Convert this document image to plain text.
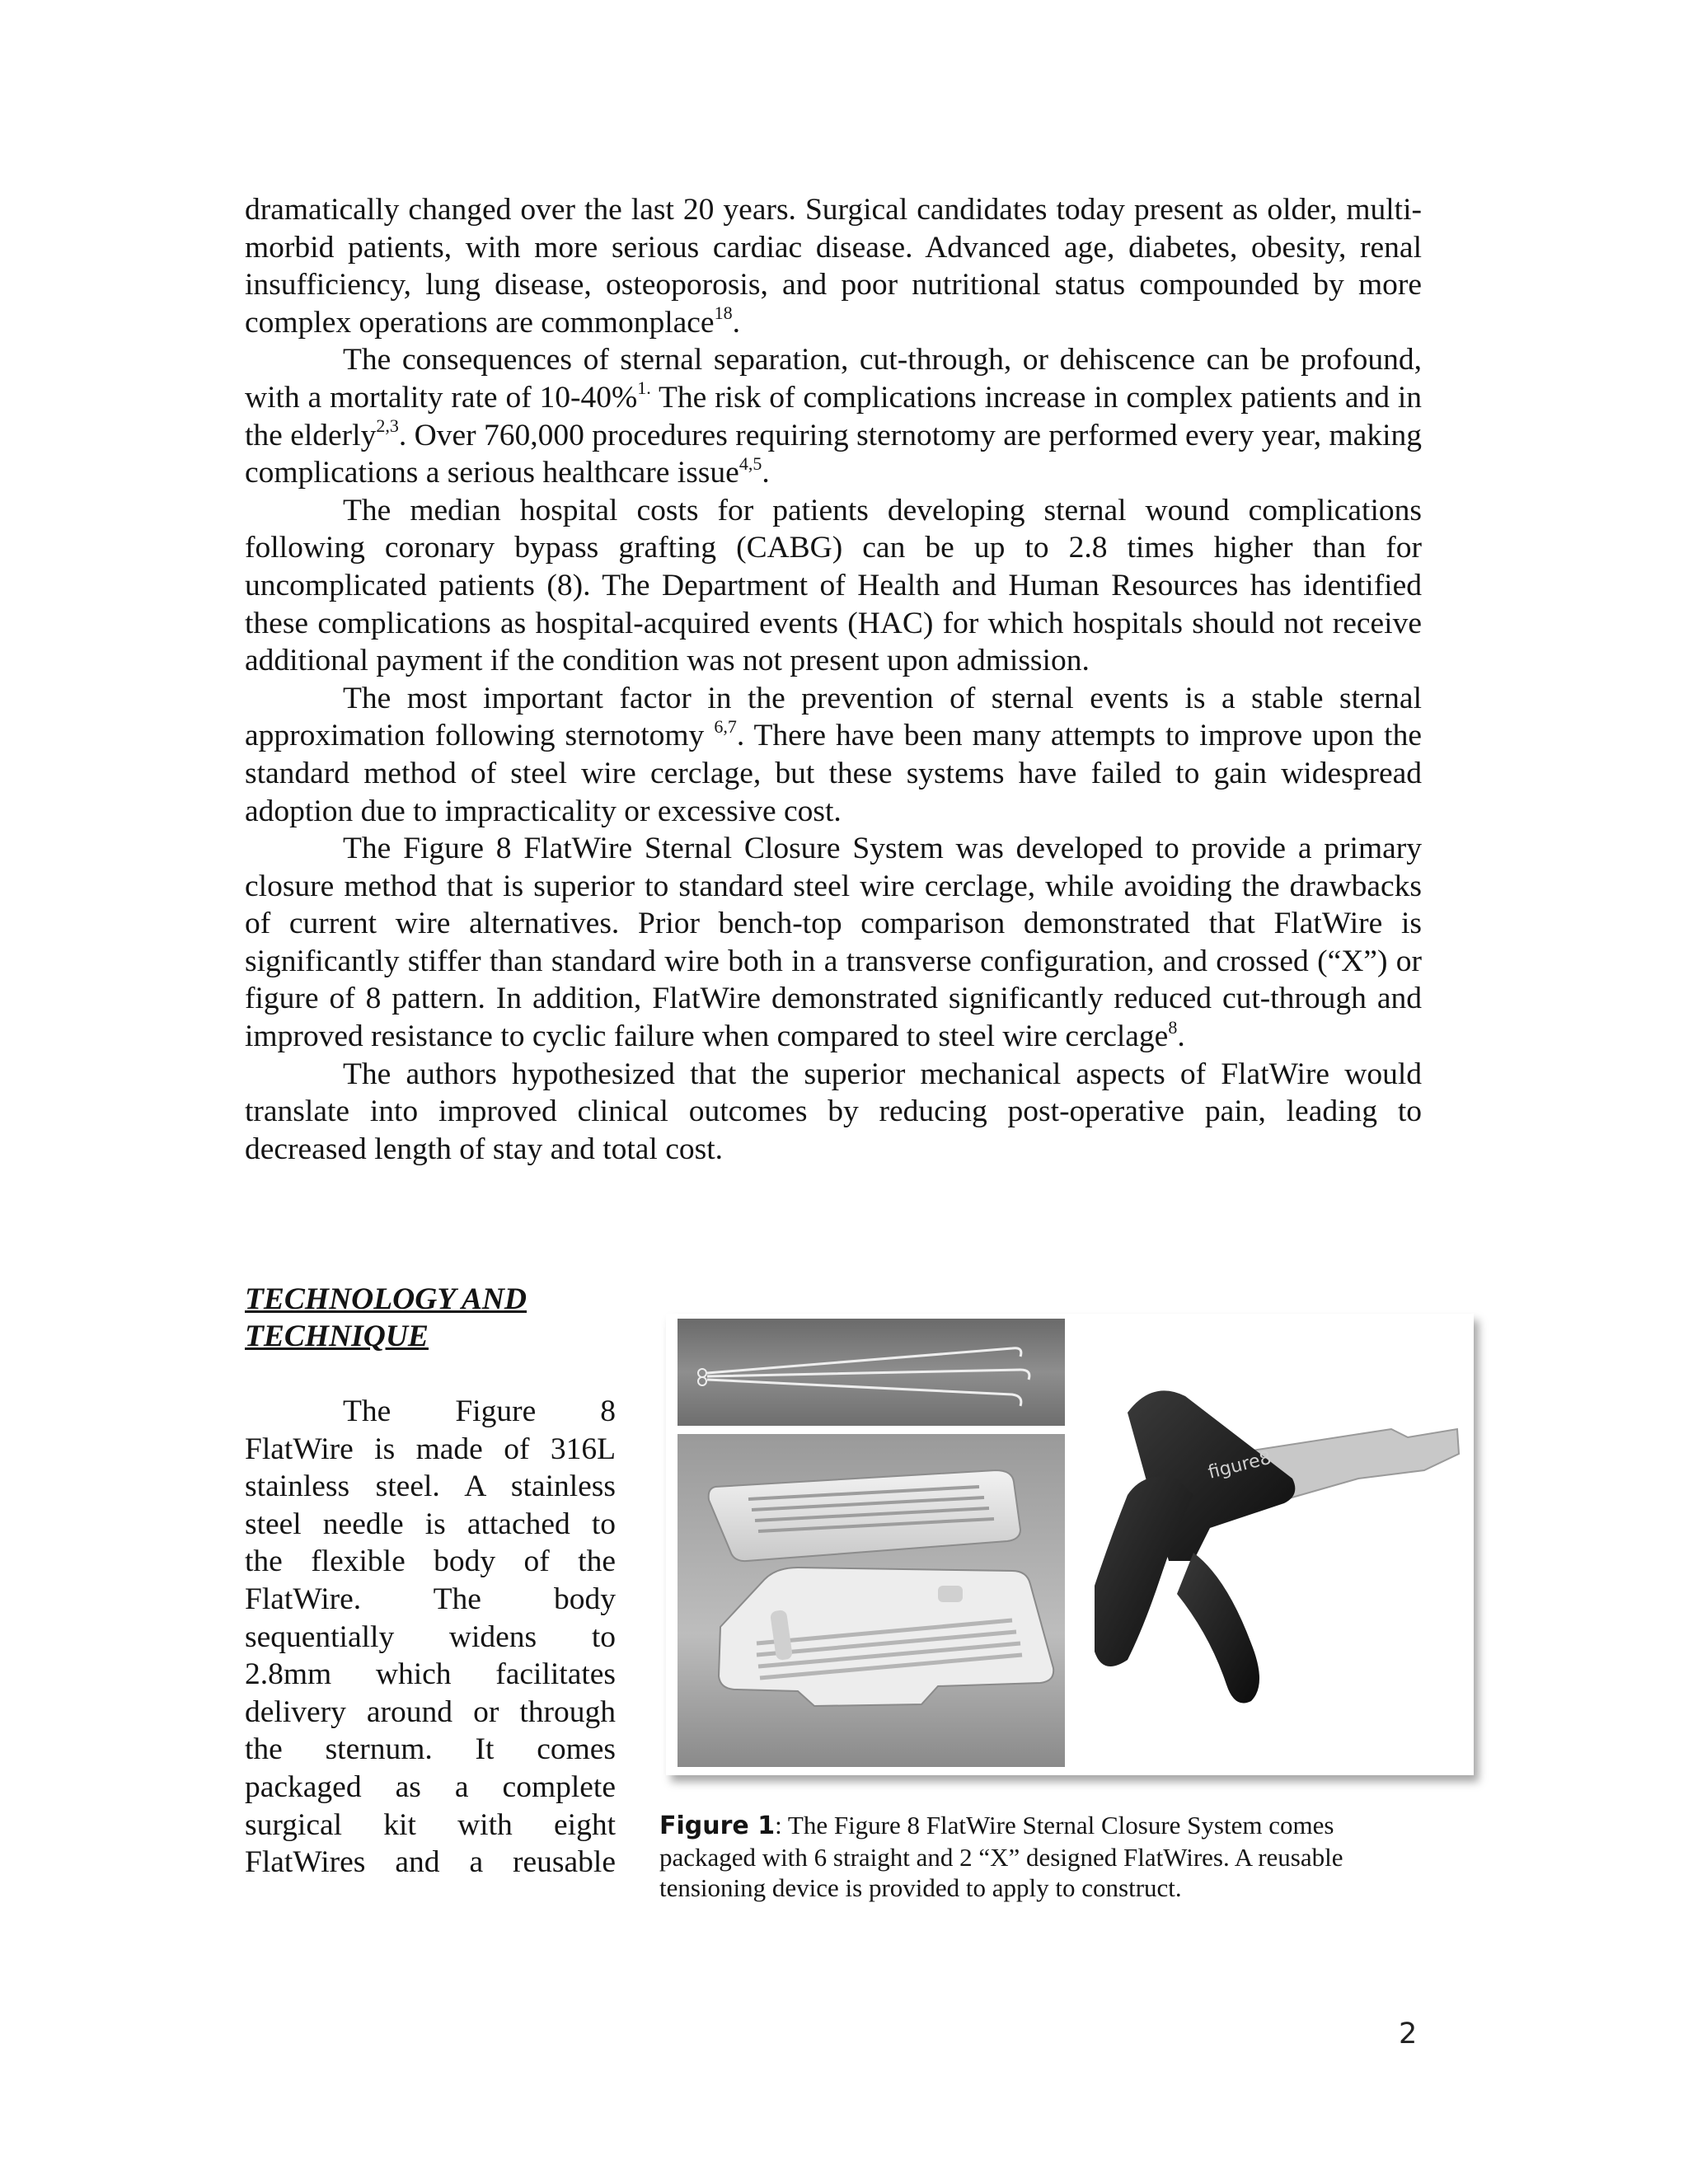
dramatically changed over the last 20 years. Surgical candidates today present as older, multi-morbid patients, with more serious cardiac disease. Advanced age, diabetes, obesity, renal insufficiency, lung disease, osteoporosis, and poor nutritional status compounded by more complex operations are commonplace$^{18}$.

The consequences of sternal separation, cut-through, or dehiscence can be profound, with a mortality rate of 10-40%$^{1.}$ The risk of complications increase in complex patients and in the elderly$^{2,3}$. Over 760,000 procedures requiring sternotomy are performed every year, making complications a serious healthcare issue$^{4,5}$.

The median hospital costs for patients developing sternal wound complications following coronary bypass grafting (CABG) can be up to 2.8 times higher than for uncomplicated patients (8). The Department of Health and Human Resources has identified these complications as hospital-acquired events (HAC) for which hospitals should not receive additional payment if the condition was not present upon admission.

The most important factor in the prevention of sternal events is a stable sternal approximation following sternotomy $^{6,7}$. There have been many attempts to improve upon the standard method of steel wire cerclage, but these systems have failed to gain widespread adoption due to impracticality or excessive cost.

The Figure 8 FlatWire Sternal Closure System was developed to provide a primary closure method that is superior to standard steel wire cerclage, while avoiding the drawbacks of current wire alternatives. Prior bench-top comparison demonstrated that FlatWire is significantly stiffer than standard wire both in a transverse configuration, and crossed (“X”) or figure of 8 pattern. In addition, FlatWire demonstrated significantly reduced cut-through and improved resistance to cyclic failure when compared to steel wire cerclage$^8$.

The authors hypothesized that the superior mechanical aspects of FlatWire would translate into improved clinical outcomes by reducing post-operative pain, leading to decreased length of stay and total cost.

TECHNOLOGY AND
TECHNIQUE
The Figure 8
FlatWire is made of 316L
stainless steel. A stainless
steel needle is attached to
the flexible body of the
FlatWire. The body
sequentially widens to
2.8mm which facilitates
delivery around or through
the sternum. It comes
packaged as a complete
surgical kit with eight
FlatWires and a reusable
figure8
Figure 1: The Figure 8 FlatWire Sternal Closure System comes packaged with 6 straight and 2 “X” designed FlatWires. A reusable tensioning device is provided to apply to construct.
2
